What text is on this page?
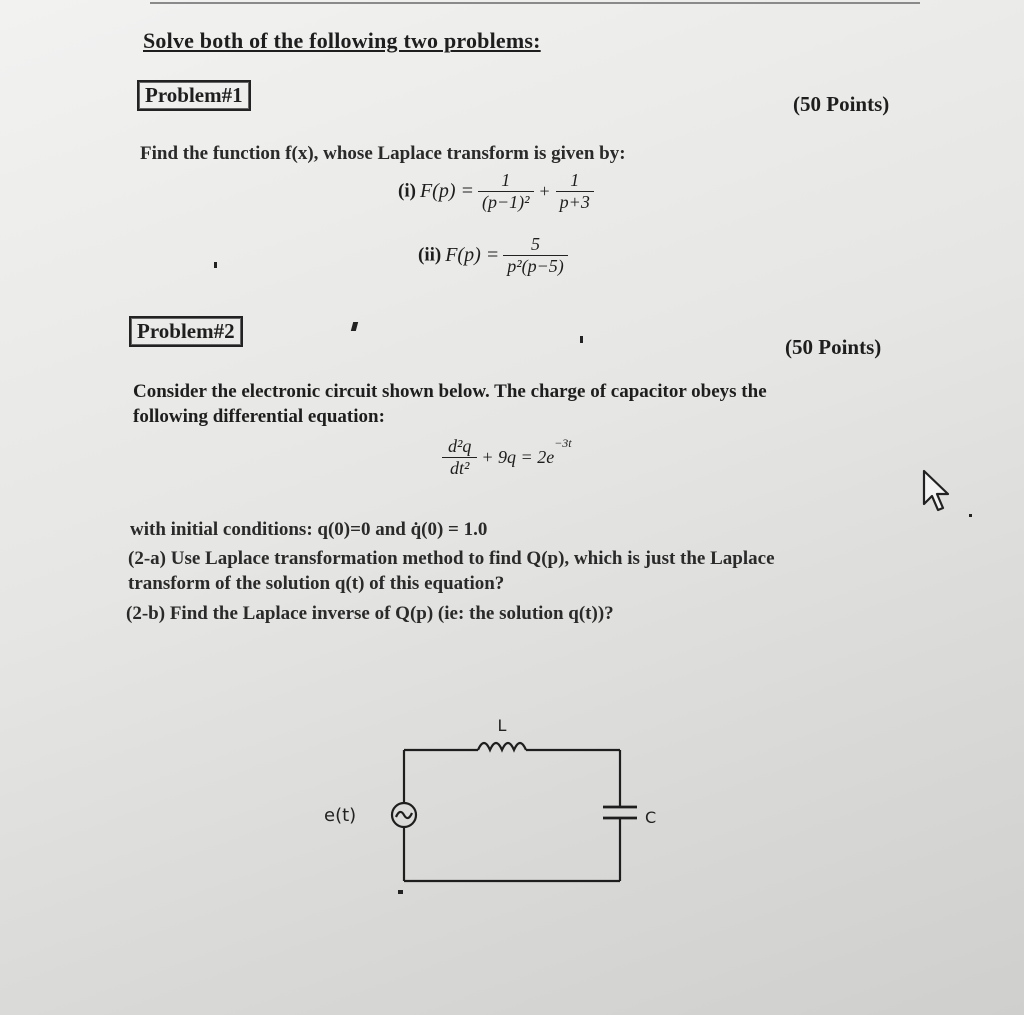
Solve both of the following two problems:
Problem#1	(50 Points)
Find the function f(x), whose Laplace transform is given by:
(i) $F(p) = \frac{1}{\text{(p−1)²}} + \frac{1}{p+3}$
(ii) $F(p) = \frac{5}{\text{p²(p−5)}}$
Problem#2
(50 Points)
Consider the electronic circuit shown below. The charge of capacitor obeys the
following differential equation:
$\frac{\text{d²q}}{\text{dt²}} + 9q = 2e^{-3t}$
with initial conditions: q(0)=0 and q̇(0) = 1.0
(2-a) Use Laplace transformation method to find Q(p), which is just the Laplace
transform of the solution q(t) of this equation?
(2-b) Find the Laplace inverse of Q(p) (ie: the solution q(t))?
L
C
e(t)
